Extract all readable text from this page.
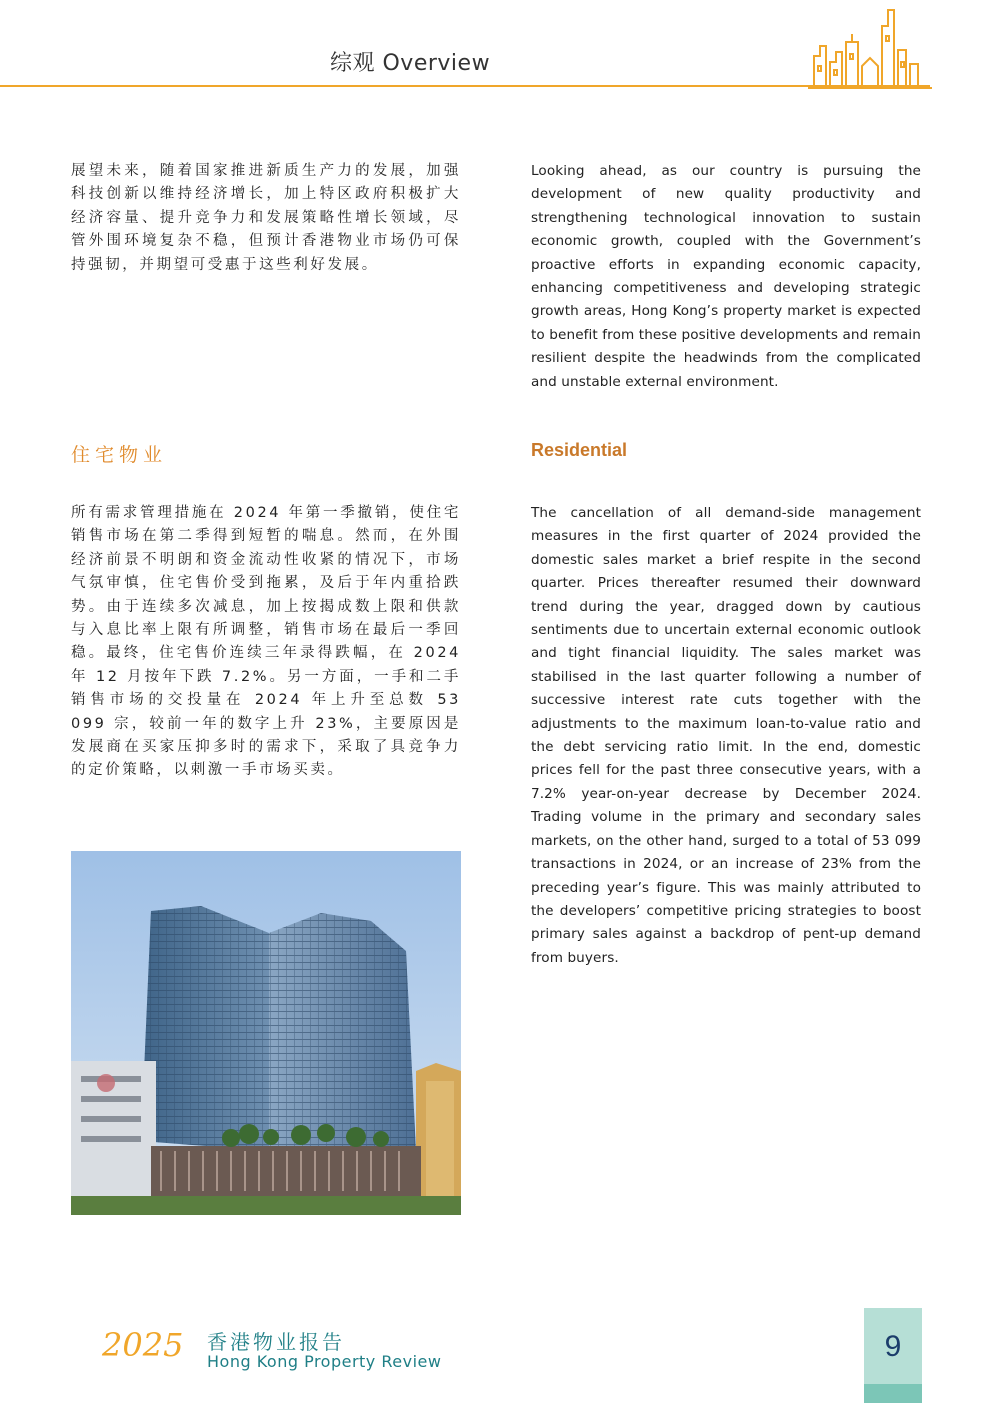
综观 Overview
展望未来，随着国家推进新质生产力的发展，加强科技创新以维持经济增长，加上特区政府积极扩大经济容量、提升竞争力和发展策略性增长领域，尽管外围环境复杂不稳，但预计香港物业市场仍可保持强韧，并期望可受惠于这些利好发展。
Looking ahead, as our country is pursuing the development of new quality productivity and strengthening technological innovation to sustain economic growth, coupled with the Government’s proactive efforts in expanding economic capacity, enhancing competitiveness and developing strategic growth areas, Hong Kong’s property market is expected to benefit from these positive developments and remain resilient despite the headwinds from the complicated and unstable external environment.
住宅物业	Residential
所有需求管理措施在 2024 年第一季撤销，使住宅销售市场在第二季得到短暂的喘息。然而，在外围经济前景不明朗和资金流动性收紧的情况下，市场气氛审慎，住宅售价受到拖累，及后于年内重拾跌势。由于连续多次减息，加上按揭成数上限和供款与入息比率上限有所调整，销售市场在最后一季回稳。最终，住宅售价连续三年录得跌幅，在 2024 年 12 月按年下跌 7.2%。另一方面，一手和二手销售市场的交投量在 2024 年上升至总数 53 099 宗，较前一年的数字上升 23%，主要原因是发展商在买家压抑多时的需求下，采取了具竞争力的定价策略，以刺激一手市场买卖。
The cancellation of all demand-side management measures in the first quarter of 2024 provided the domestic sales market a brief respite in the second quarter. Prices thereafter resumed their downward trend during the year, dragged down by cautious sentiments due to uncertain external economic outlook and tight financial liquidity. The sales market was stabilised in the last quarter following a number of successive interest rate cuts together with the adjustments to the maximum loan-to-value ratio and the debt servicing ratio limit. In the end, domestic prices fell for the past three consecutive years, with a 7.2% year-on-year decrease by December 2024. Trading volume in the primary and secondary sales markets, on the other hand, surged to a total of 53 099 transactions in 2024, or an increase of 23% from the preceding year’s figure. This was mainly attributed to the developers’ competitive pricing strategies to boost primary sales against a backdrop of pent-up demand from buyers.
2025 香港物业报告
Hong Kong Property Review	9
